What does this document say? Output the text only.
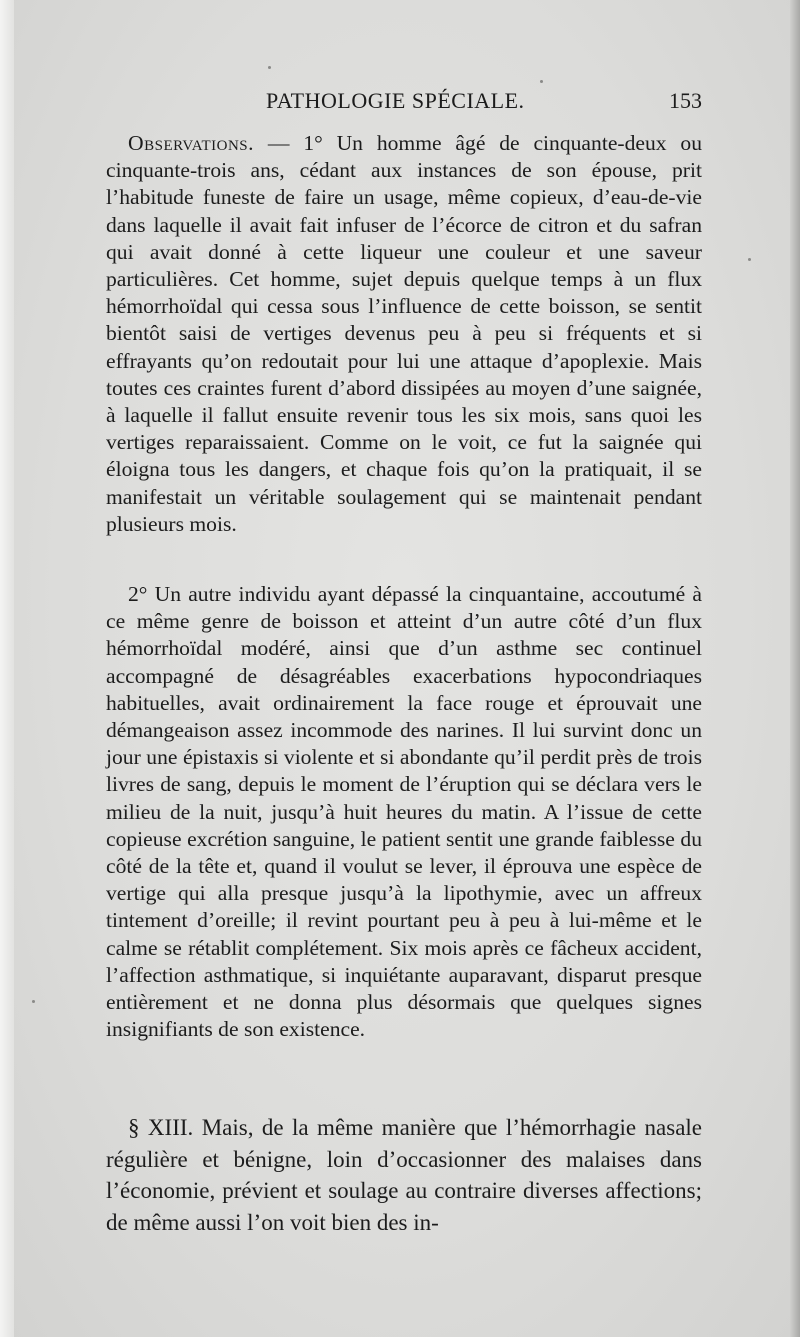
PATHOLOGIE SPÉCIALE.	153

Observations. — 1° Un homme âgé de cinquante-deux ou cinquante-trois ans, cédant aux instances de son épouse, prit l’habitude funeste de faire un usage, même copieux, d’eau-de-vie dans laquelle il avait fait infuser de l’écorce de citron et du safran qui avait donné à cette liqueur une couleur et une saveur particulières. Cet homme, sujet depuis quelque temps à un flux hémorrhoïdal qui cessa sous l’influence de cette boisson, se sentit bientôt saisi de vertiges devenus peu à peu si fréquents et si effrayants qu’on redoutait pour lui une attaque d’apoplexie. Mais toutes ces craintes furent d’abord dissipées au moyen d’une saignée, à laquelle il fallut ensuite revenir tous les six mois, sans quoi les vertiges reparaissaient. Comme on le voit, ce fut la saignée qui éloigna tous les dangers, et chaque fois qu’on la pratiquait, il se manifestait un véritable soulagement qui se maintenait pendant plusieurs mois.

2° Un autre individu ayant dépassé la cinquantaine, accoutumé à ce même genre de boisson et atteint d’un autre côté d’un flux hémorrhoïdal modéré, ainsi que d’un asthme sec continuel accompagné de désagréables exacerbations hypocondriaques habituelles, avait ordinairement la face rouge et éprouvait une démangeaison assez incommode des narines. Il lui survint donc un jour une épistaxis si violente et si abondante qu’il perdit près de trois livres de sang, depuis le moment de l’éruption qui se déclara vers le milieu de la nuit, jusqu’à huit heures du matin. A l’issue de cette copieuse excrétion sanguine, le patient sentit une grande faiblesse du côté de la tête et, quand il voulut se lever, il éprouva une espèce de vertige qui alla presque jusqu’à la lipothymie, avec un affreux tintement d’oreille; il revint pourtant peu à peu à lui-même et le calme se rétablit complétement. Six mois après ce fâcheux accident, l’affection asthmatique, si inquiétante auparavant, disparut presque entièrement et ne donna plus désormais que quelques signes insignifiants de son existence.

§ XIII. Mais, de la même manière que l’hémorrhagie nasale régulière et bénigne, loin d’occasionner des malaises dans l’économie, prévient et soulage au contraire diverses affections; de même aussi l’on voit bien des in-
